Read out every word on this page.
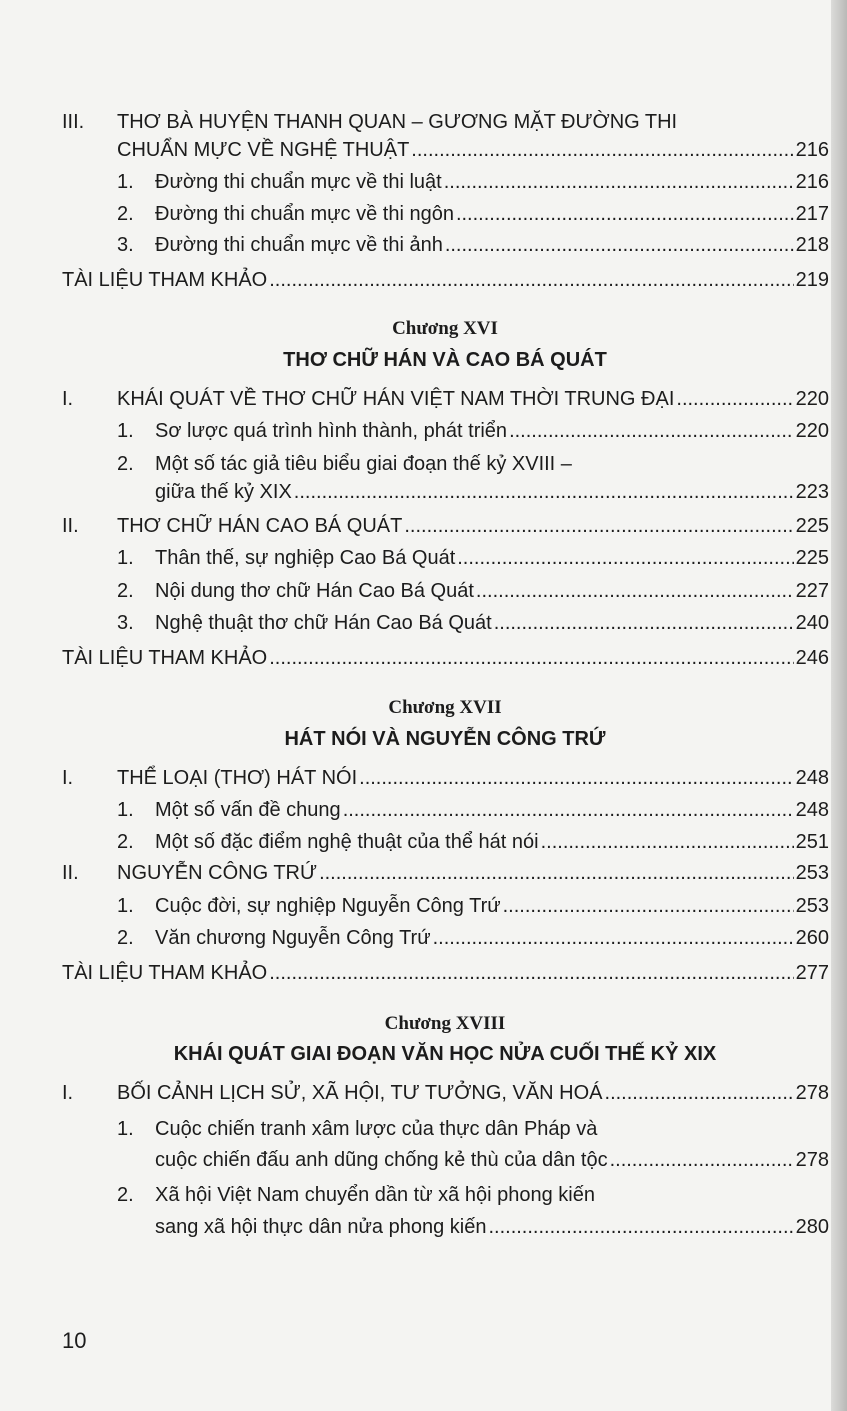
III. THƠ BÀ HUYỆN THANH QUAN – GƯƠNG MẶT ĐƯỜNG THI
CHUẨN MỰC VỀ NGHỆ THUẬT .....	216
1.	Đường thi chuẩn mực về thi luật .....	216
2.	Đường thi chuẩn mực về thi ngôn .....	217
3.	Đường thi chuẩn mực về thi ảnh .....	218
TÀI LIỆU THAM KHẢO .....	219
Chương XVI
THƠ CHỮ HÁN VÀ CAO BÁ QUÁT
I.	KHÁI QUÁT VỀ THƠ CHỮ HÁN VIỆT NAM THỜI TRUNG ĐẠI .....	220
1.	Sơ lược quá trình hình thành, phát triển .....	220
2. Một số tác giả tiêu biểu giai đoạn thế kỷ XVIII –
giữa thế kỷ XIX .....	223
II.	THƠ CHỮ HÁN CAO BÁ QUÁT .....	225
1.	Thân thế, sự nghiệp Cao Bá Quát .....	225
2.	Nội dung thơ chữ Hán Cao Bá Quát .....	227
3.	Nghệ thuật thơ chữ Hán Cao Bá Quát .....	240
TÀI LIỆU THAM KHẢO .....	246
Chương XVII
HÁT NÓI VÀ NGUYỄN CÔNG TRỨ
I.	THỂ LOẠI (THƠ) HÁT NÓI .....	248
1.	Một số vấn đề chung .....	248
2.	Một số đặc điểm nghệ thuật của thể hát nói .....	251
II.	NGUYỄN CÔNG TRỨ .....	253
1.	Cuộc đời, sự nghiệp Nguyễn Công Trứ .....	253
2.	Văn chương Nguyễn Công Trứ .....	260
TÀI LIỆU THAM KHẢO .....	277
Chương XVIII
KHÁI QUÁT GIAI ĐOẠN VĂN HỌC NỬA CUỐI THẾ KỶ XIX
I.	BỐI CẢNH LỊCH SỬ, XÃ HỘI, TƯ TƯỞNG, VĂN HOÁ .....	278
1. Cuộc chiến tranh xâm lược của thực dân Pháp và
cuộc chiến đấu anh dũng chống kẻ thù của dân tộc .....	278
2. Xã hội Việt Nam chuyển dần từ xã hội phong kiến
sang xã hội thực dân nửa phong kiến .....	280
10
